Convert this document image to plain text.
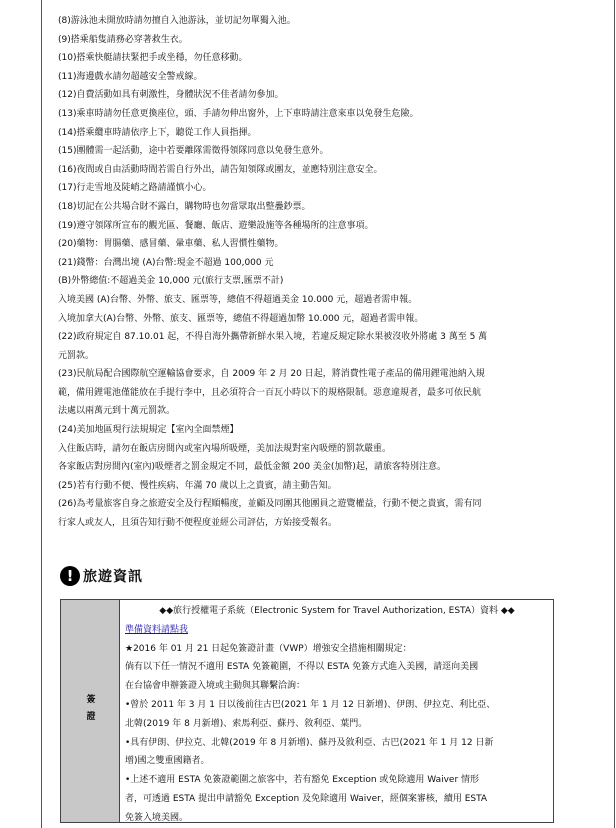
(8)游泳池未開放時請勿擅自入池游泳，並切記勿單獨入池。
(9)搭乘船隻請務必穿著救生衣。
(10)搭乘快艇請扶緊把手或坐穩，勿任意移動。
(11)海邊戲水請勿超越安全警戒線。
(12)自費活動如具有刺激性，身體狀況不佳者請勿參加。
(13)乘車時請勿任意更換座位，頭、手請勿伸出窗外，上下車時請注意來車以免發生危險。
(14)搭乘纜車時請依序上下，聽從工作人員指揮。
(15)團體需一起活動，途中若要離隊需徵得領隊同意以免發生意外。
(16)夜間或自由活動時間若需自行外出，請告知領隊或團友，並應特別注意安全。
(17)行走雪地及陡峭之路請謹慎小心。
(18)切記在公共場合財不露白，購物時也勿當眾取出整疊鈔票。
(19)遵守領隊所宣布的觀光區、餐廳、飯店、遊樂設施等各種場所的注意事項。
(20)藥物：胃腸藥、感冒藥、暈車藥、私人習慣性藥物。
(21)錢幣：台灣出境 (A)台幣:現金不超過 100,000 元
(B)外幣總值:不超過美金 10,000 元(旅行支票,匯票不計)
入境美國 (A)台幣、外幣、旅支、匯票等，總值不得超過美金 10.000 元，超過者需申報。
入境加拿大(A)台幣、外幣、旅支、匯票等，總值不得超過加幣 10.000 元，超過者需申報。
(22)政府規定自 87.10.01 起，不得自海外攜帶新鮮水果入境，若違反規定除水果被沒收外將處 3 萬至 5 萬
元罰款。
(23)民航局配合國際航空運輸協會要求，自 2009 年 2 月 20 日起，將消費性電子產品的備用鋰電池納入規
範，備用鋰電池僅能放在手提行李中，且必須符合一百瓦小時以下的規格限制。惡意違規者，最多可依民航
法處以兩萬元到十萬元罰款。
(24)美加地區現行法規規定【室內全面禁煙】
入住飯店時，請勿在飯店房間內或室內場所吸煙，美加法規對室內吸煙的罰款嚴重。
各家飯店對房間內(室內)吸煙者之罰金規定不同，最低金額 200 美金(加幣)起，請旅客特別注意。
(25)若有行動不便、慢性疾病、年滿 70 歲以上之貴賓，請主動告知。
(26)為考量旅客自身之旅遊安全及行程順暢度，並顧及同團其他團員之遊覽權益，行動不便之貴賓，需有同
行家人或友人，且須告知行動不便程度並經公司評估，方始接受報名。
! 旅遊資訊
簽證
◆◆旅行授權電子系統（Electronic System for Travel Authorization, ESTA）資料 ◆◆
準備資料請點我
★2016 年 01 月 21 日起免簽證計畫（VWP）增強安全措施相關規定：
倘有以下任一情況不適用 ESTA 免簽範圍，不得以 ESTA 免簽方式進入美國，請逕向美國
在台協會申辦簽證入境或主動與其聯繫洽詢：
•曾於 2011 年 3 月 1 日以後前往古巴(2021 年 1 月 12 日新增)、伊朗、伊拉克、利比亞、
北韓(2019 年 8 月新增)、索馬利亞、蘇丹、敘利亞、葉門。
•具有伊朗、伊拉克、北韓(2019 年 8 月新增)、蘇丹及敘利亞、古巴(2021 年 1 月 12 日新
增)國之雙重國籍者。
•上述不適用 ESTA 免簽證範圍之旅客中，若有豁免 Exception 或免除適用 Waiver 情形
者，可透過 ESTA 提出申請豁免 Exception 及免除適用 Waiver，經個案審核，續用 ESTA
免簽入境美國。
